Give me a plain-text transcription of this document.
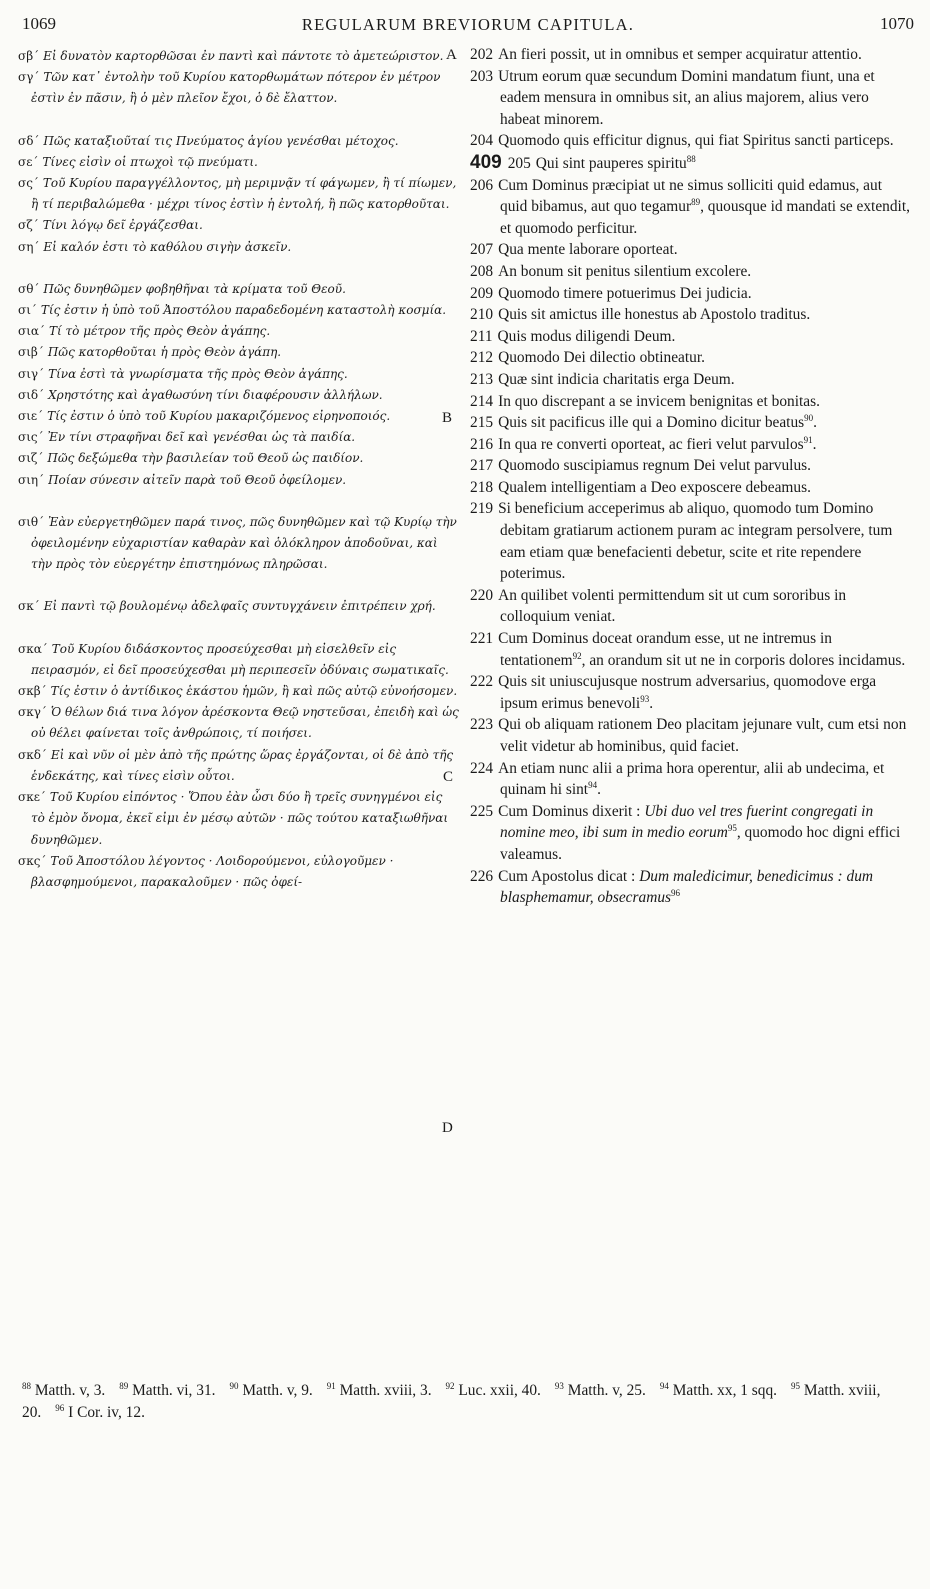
1069	REGULARUM BREVIORUM CAPITULA.	1070

σβ΄ Εἰ δυνατὸν καρτορθῶσαι ἐν παντὶ καὶ πάντοτε τὸ ἀμετεώριστον.

σγ΄ Τῶν κατ᾽ ἐντολὴν τοῦ Κυρίου κατορθωμάτων πότερον ἐν μέτρον ἐστὶν ἐν πᾶσιν, ἢ ὁ μὲν πλεῖον ἔχοι, ὁ δὲ ἔλαττον.

σδ΄ Πῶς καταξιοῦταί τις Πνεύματος ἁγίου γενέσθαι μέτοχος.

σε΄ Τίνες εἰσὶν οἱ πτωχοὶ τῷ πνεύματι.

σς΄ Τοῦ Κυρίου παραγγέλλοντος, μὴ μεριμνᾷν τί φάγωμεν, ἢ τί πίωμεν, ἢ τί περιβαλώμεθα · μέχρι τίνος ἐστὶν ἡ ἐντολή, ἢ πῶς κατορθοῦται.

σζ΄ Τίνι λόγῳ δεῖ ἐργάζεσθαι.

ση΄ Εἰ καλόν ἐστι τὸ καθόλου σιγὴν ἀσκεῖν.

σθ΄ Πῶς δυνηθῶμεν φοβηθῆναι τὰ κρίματα τοῦ Θεοῦ.

σι΄ Τίς ἐστιν ἡ ὑπὸ τοῦ Ἀποστόλου παραδεδομένη καταστολὴ κοσμία.

σια΄ Τί τὸ μέτρον τῆς πρὸς Θεὸν ἀγάπης.

σιβ΄ Πῶς κατορθοῦται ἡ πρὸς Θεὸν ἀγάπη.

σιγ΄ Τίνα ἐστὶ τὰ γνωρίσματα τῆς πρὸς Θεὸν ἀγάπης.

σιδ΄ Χρηστότης καὶ ἀγαθωσύνη τίνι διαφέρουσιν ἀλλήλων.

σιε΄ Τίς ἐστιν ὁ ὑπὸ τοῦ Κυρίου μακαριζόμενος εἰρηνοποιός.

σις΄ Ἐν τίνι στραφῆναι δεῖ καὶ γενέσθαι ὡς τὰ παιδία.

σιζ΄ Πῶς δεξώμεθα τὴν βασιλείαν τοῦ Θεοῦ ὡς παιδίον.

σιη΄ Ποίαν σύνεσιν αἰτεῖν παρὰ τοῦ Θεοῦ ὀφείλομεν.

σιθ΄ Ἐὰν εὐεργετηθῶμεν παρά τινος, πῶς δυνηθῶμεν καὶ τῷ Κυρίῳ τὴν ὀφειλομένην εὐχαριστίαν καθαρὰν καὶ ὁλόκληρον ἀποδοῦναι, καὶ τὴν πρὸς τὸν εὐεργέτην ἐπιστημόνως πληρῶσαι.

σκ΄ Εἰ παντὶ τῷ βουλομένῳ ἀδελφαῖς συντυγχάνειν ἐπιτρέπειν χρή.

σκα΄ Τοῦ Κυρίου διδάσκοντος προσεύχεσθαι μὴ εἰσελθεῖν εἰς πειρασμόν, εἰ δεῖ προσεύχεσθαι μὴ περιπεσεῖν ὀδύναις σωματικαῖς.

σκβ΄ Τίς ἐστιν ὁ ἀντίδικος ἑκάστου ἡμῶν, ἢ καὶ πῶς αὐτῷ εὐνοήσομεν.

σκγ΄ Ὁ θέλων διά τινα λόγον ἀρέσκοντα Θεῷ νηστεῦσαι, ἐπειδὴ καὶ ὡς οὐ θέλει φαίνεται τοῖς ἀνθρώποις, τί ποιήσει.

σκδ΄ Εἰ καὶ νῦν οἱ μὲν ἀπὸ τῆς πρώτης ὥρας ἐργάζονται, οἱ δὲ ἀπὸ τῆς ἑνδεκάτης, καὶ τίνες εἰσὶν οὗτοι.

σκε΄ Τοῦ Κυρίου εἰπόντος · Ὅπου ἐὰν ὦσι δύο ἢ τρεῖς συνηγμένοι εἰς τὸ ἐμὸν ὄνομα, ἐκεῖ εἰμι ἐν μέσῳ αὐτῶν · πῶς τούτου καταξιωθῆναι δυνηθῶμεν.

σκς΄ Τοῦ Ἀποστόλου λέγοντος · Λοιδορούμενοι, εὐλογοῦμεν · βλασφημούμενοι, παρακαλοῦμεν · πῶς ὀφεί-

202 An fieri possit, ut in omnibus et semper acquiratur attentio.

203 Utrum eorum quæ secundum Domini mandatum fiunt, una et eadem mensura in omnibus sit, an alius majorem, alius vero habeat minorem.

204 Quomodo quis efficitur dignus, qui fiat Spiritus sancti particeps.

409 205 Qui sint pauperes spiritu$^{88}$

206 Cum Dominus præcipiat ut ne simus solliciti quid edamus, aut quid bibamus, aut quo tegamur$^{89}$, quousque id mandati se extendit, et quomodo perficitur.

207 Qua mente laborare oporteat.

208 An bonum sit penitus silentium excolere.

209 Quomodo timere potuerimus Dei judicia.

210 Quis sit amictus ille honestus ab Apostolo traditus.

211 Quis modus diligendi Deum.

212 Quomodo Dei dilectio obtineatur.

213 Quæ sint indicia charitatis erga Deum.

214 In quo discrepant a se invicem benignitas et bonitas.

215 Quis sit pacificus ille qui a Domino dicitur beatus$^{90}$.

216 In qua re converti oporteat, ac fieri velut parvulos$^{91}$.

217 Quomodo suscipiamus regnum Dei velut parvulus.

218 Qualem intelligentiam a Deo exposcere debeamus.

219 Si beneficium acceperimus ab aliquo, quomodo tum Domino debitam gratiarum actionem puram ac integram persolvere, tum eam etiam quæ benefacienti debetur, scite et rite rependere poterimus.

220 An quilibet volenti permittendum sit ut cum sororibus in colloquium veniat.

221 Cum Dominus doceat orandum esse, ut ne intremus in tentationem$^{92}$, an orandum sit ut ne in corporis dolores incidamus.

222 Quis sit uniuscujusque nostrum adversarius, quomodove erga ipsum erimus benevoli$^{93}$.

223 Qui ob aliquam rationem Deo placitam jejunare vult, cum etsi non velit videtur ab hominibus, quid faciet.

224 An etiam nunc alii a prima hora operentur, alii ab undecima, et quinam hi sint$^{94}$.

225 Cum Dominus dixerit : Ubi duo vel tres fuerint congregati in nomine meo, ibi sum in medio eorum$^{95}$, quomodo hoc digni effici valeamus.

226 Cum Apostolus dicat : Dum maledicimur, benedicimus : dum blasphemamur, obsecramus$^{96}$

A
B
C
D
$^{88}$ Matth. v, 3. $^{89}$ Matth. vi, 31. $^{90}$ Matth. v, 9. $^{91}$ Matth. xviii, 3. $^{92}$ Luc. xxii, 40. $^{93}$ Matth. v, 25. $^{94}$ Matth. xx, 1 sqq. $^{95}$ Matth. xviii, 20. $^{96}$ I Cor. iv, 12.
